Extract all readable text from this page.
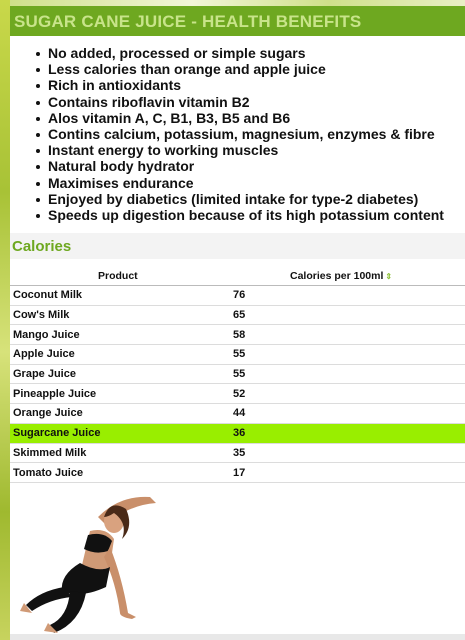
SUGAR CANE JUICE - HEALTH BENEFITS
No added, processed or simple sugars
Less calories than orange and apple juice
Rich in antioxidants
Contains riboflavin vitamin B2
Alos vitamin A, C, B1, B3, B5 and B6
Contins calcium, potassium, magnesium, enzymes & fibre
Instant energy to working muscles
Natural body hydrator
Maximises endurance
Enjoyed by diabetics (limited intake for type-2 diabetes)
Speeds up digestion because of its high potassium content
Calories
Product	Calories per 100ml ⇕
Coconut Milk	76
Cow's Milk	65
Mango Juice	58
Apple Juice	55
Grape Juice	55
Pineapple Juice	52
Orange Juice	44
Sugarcane Juice	36
Skimmed Milk	35
Tomato Juice	17
